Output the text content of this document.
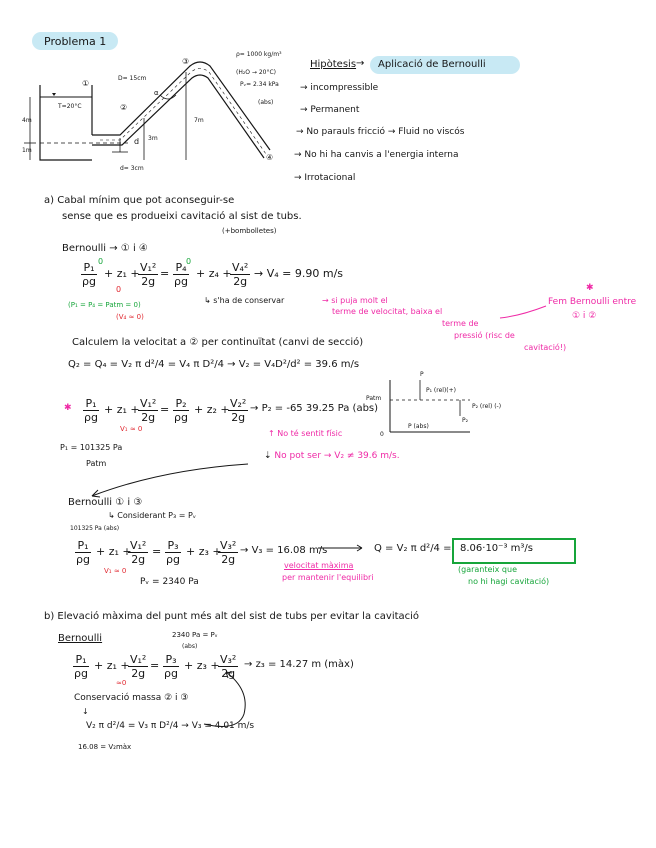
Problema 1
T=20°C
D= 15cm
4m
1m
3m
7m
d= 3cm
①
②
③
④
α
d
ρ= 1000 kg/m³
(H₂O → 20°C)
Pᵥ= 2.34 kPa
(abs)
Hipòtesis → Aplicació de Bernoulli
→ incompressible
→ Permanent
→ No parauls fricció → Fluid no viscós
→ No hi ha canvis a l'energia interna
→ Irrotacional
a) Cabal mínim que pot aconseguir-se
sense que es produeixi cavitació al sist de tubs.
(+bombolletes)
Bernoulli → ① i ④
$\frac{\text{P₁}}{\rho g} + z_1$ +
$\frac{\text{V₁²}}{2g} = \frac{\text{P₄}}{\rho g} + z_4$ +
$\frac{\text{V₄²}}{2g} \to V_4 = 9.90$ m/s
0	0
0
(P₁ = P₄ = Patm = 0)
(V₄ ≈ 0)
↳ s'ha de conservar	→ si puja molt el
terme de velocitat, baixa el
terme de
pressió (risc de
cavitació!)
✱
Fem Bernoulli entre
① i ②
Calculem la velocitat a ② per continuïtat (canvi de secció)
Q₂ = Q₄ = V₂ π d²/4 = V₄ π D²/4 → V₂ = V₄D²/d² = 39.6 m/s
✱ $\frac{\text{P₁}}{\rho g} + z_1$ +
$\frac{\text{V₁²}}{2g} = \frac{\text{P₂}}{\rho g} + z_2$ +
$\frac{\text{V₂²}}{2g} \to P_2 = -65$ 39.25 Pa (abs)
V₁ ≈ 0
P₁ = 101325 Pa
Patm
↑ No té sentit físic
⇣ No pot ser → V₂ ≠ 39.6 m/s.
P
Patm
P₁ (rel)(+)
P₂ (rel) (-)
P (abs)
0
P₂
Bernoulli ① i ③
↳ Considerant P₃ = Pᵥ
101325 Pa (abs)
$\frac{\text{P₁}}{\rho g} + z_1$ +
$\frac{\text{V₁²}}{2g} = \frac{\text{P₃}}{\rho g} + z_3$ +
$\frac{\text{V₃²}}{2g} \to V_3 = 16.08$ m/s
V₁ ≈ 0
velocitat màxima
per mantenir l'equilibri
Pᵥ = 2340 Pa
Q = V₂ π d²/4 = 8.06·10⁻³ m³/s
(garanteix que
no hi hagi cavitació)
b) Elevació màxima del punt més alt del sist de tubs per evitar la cavitació
Bernoulli	2340 Pa = Pᵥ
(abs)
$\frac{\text{P₁}}{\rho g} + z_1$ +
$\frac{\text{V₁²}}{2g} = \frac{\text{P₃}}{\rho g} + z_3$ +
$\frac{\text{V₃²}}{2g} \to z_3 = 14.27$ m (màx)
≈0
Conservació massa ② i ③
↓
V₂ π d²/4 = V₃ π D²/4 → V₃ = 4.01 m/s
16.08 = V₂màx
